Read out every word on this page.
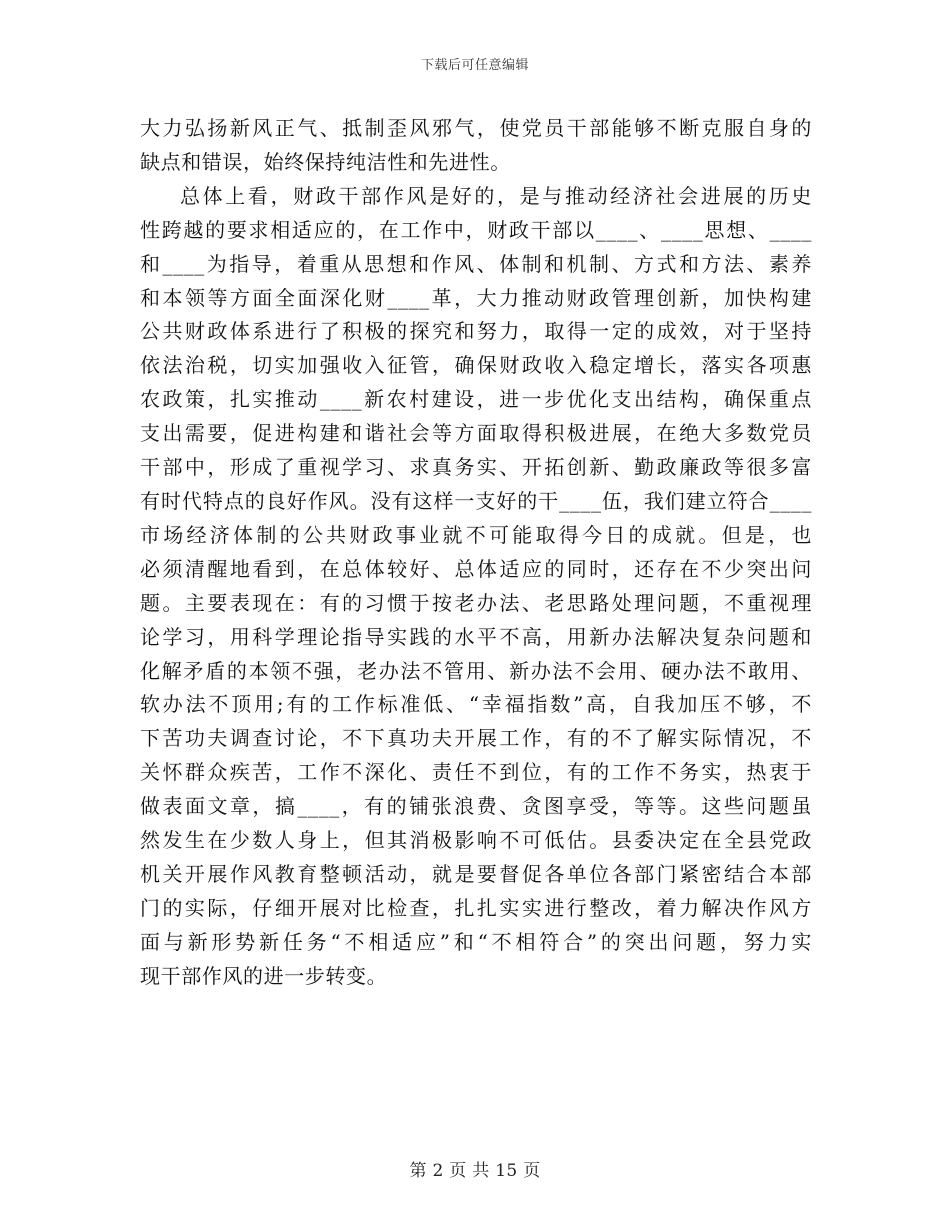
下载后可任意编辑
大力弘扬新风正气、抵制歪风邪气，使党员干部能够不断克服自身的
缺点和错误，始终保持纯洁性和先进性。
总体上看，财政干部作风是好的，是与推动经济社会进展的历史
性跨越的要求相适应的，在工作中，财政干部以____、____思想、____
和____为指导，着重从思想和作风、体制和机制、方式和方法、素养
和本领等方面全面深化财____革，大力推动财政管理创新，加快构建
公共财政体系进行了积极的探究和努力，取得一定的成效，对于坚持
依法治税，切实加强收入征管，确保财政收入稳定增长，落实各项惠
农政策，扎实推动____新农村建设，进一步优化支出结构，确保重点
支出需要，促进构建和谐社会等方面取得积极进展，在绝大多数党员
干部中，形成了重视学习、求真务实、开拓创新、勤政廉政等很多富
有时代特点的良好作风。没有这样一支好的干____伍，我们建立符合____
市场经济体制的公共财政事业就不可能取得今日的成就。但是，也
必须清醒地看到，在总体较好、总体适应的同时，还存在不少突出问
题。主要表现在：有的习惯于按老办法、老思路处理问题，不重视理
论学习，用科学理论指导实践的水平不高，用新办法解决复杂问题和
化解矛盾的本领不强，老办法不管用、新办法不会用、硬办法不敢用、
软办法不顶用;有的工作标准低、“幸福指数”高，自我加压不够，不
下苦功夫调查讨论，不下真功夫开展工作，有的不了解实际情况，不
关怀群众疾苦，工作不深化、责任不到位，有的工作不务实，热衷于
做表面文章，搞____，有的铺张浪费、贪图享受，等等。这些问题虽
然发生在少数人身上，但其消极影响不可低估。县委决定在全县党政
机关开展作风教育整顿活动，就是要督促各单位各部门紧密结合本部
门的实际，仔细开展对比检查，扎扎实实进行整改，着力解决作风方
面与新形势新任务“不相适应”和“不相符合”的突出问题，努力实
现干部作风的进一步转变。
第 2 页 共 15 页
